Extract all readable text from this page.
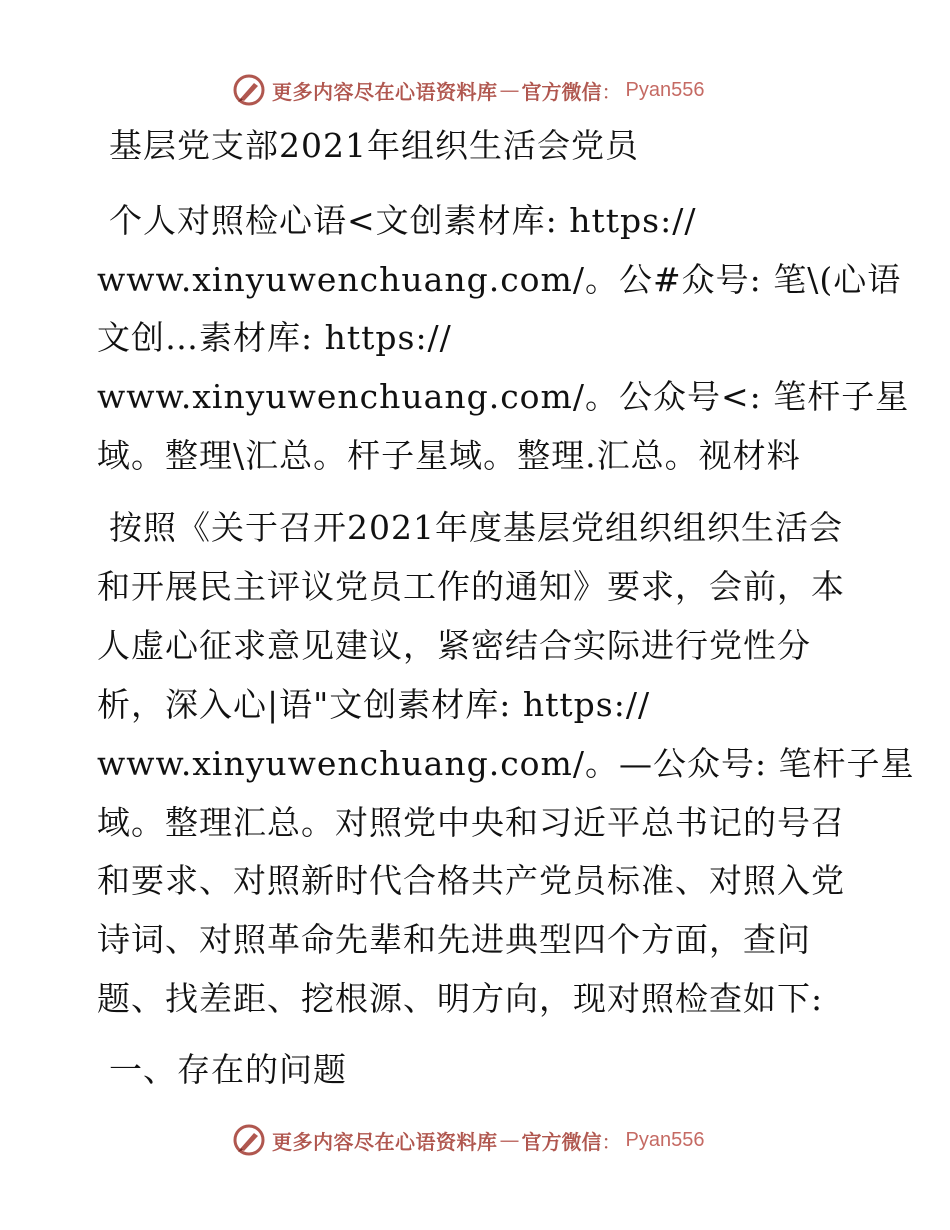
更多内容尽在心语资料库 — 官方微信 ： Pyan556
基层党支部2021年组织生活会党员
个人对照检心语<文创素材库: https://
www.xinyuwenchuang.com/。公#众号: 笔\(心语
文创…素材库: https://
www.xinyuwenchuang.com/。公众号<: 笔杆子星
域。整理\汇总。杆子星域。整理.汇总。视材料
按照《关于召开2021年度基层党组织组织生活会
和开展民主评议党员工作的通知》要求，会前，本
人虚心征求意见建议，紧密结合实际进行党性分
析，深入心|语"文创素材库: https://
www.xinyuwenchuang.com/。—公众号: 笔杆子星
域。整理汇总。对照党中央和习近平总书记的号召
和要求、对照新时代合格共产党员标准、对照入党
诗词、对照革命先辈和先进典型四个方面，查问
题、找差距、挖根源、明方向，现对照检查如下:
一、存在的问题
更多内容尽在心语资料库 — 官方微信 ： Pyan556
